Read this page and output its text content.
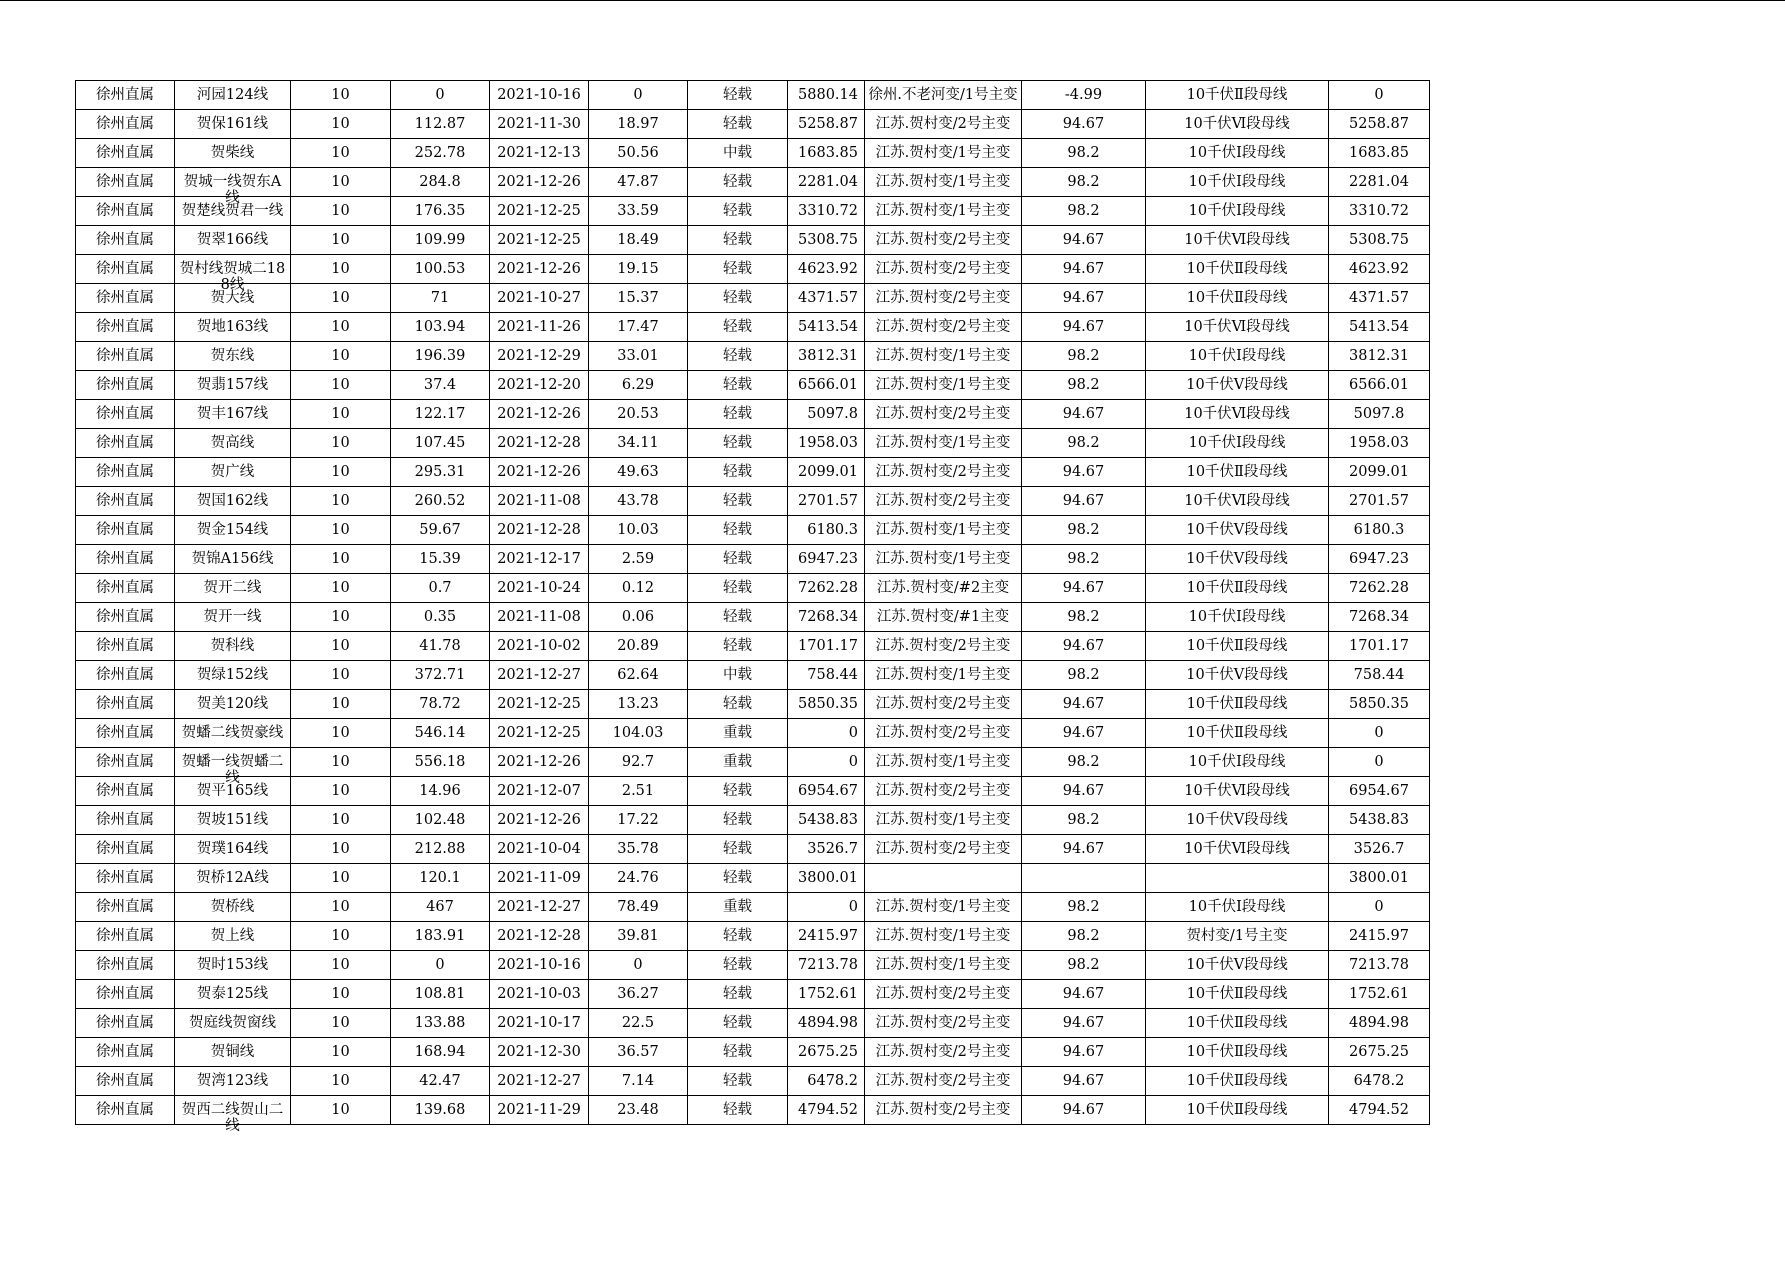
徐州直属	河园124线	10	0	2021-10-16	0	轻载	5880.14	徐州.不老河变/1号主变	-4.99	10千伏Ⅱ段母线	0

徐州直属	贺保161线	10	112.87	2021-11-30	18.97	轻载	5258.87	江苏.贺村变/2号主变	94.67	10千伏Ⅵ段母线	5258.87

徐州直属	贺柴线	10	252.78	2021-12-13	50.56	中载	1683.85	江苏.贺村变/1号主变	98.2	10千伏Ⅰ段母线	1683.85

徐州直属	贺城一线贺东A线	10	284.8	2021-12-26	47.87	轻载	2281.04	江苏.贺村变/1号主变	98.2	10千伏Ⅰ段母线	2281.04

徐州直属	贺楚线贺君一线	10	176.35	2021-12-25	33.59	轻载	3310.72	江苏.贺村变/1号主变	98.2	10千伏Ⅰ段母线	3310.72

徐州直属	贺翠166线	10	109.99	2021-12-25	18.49	轻载	5308.75	江苏.贺村变/2号主变	94.67	10千伏Ⅵ段母线	5308.75

徐州直属	贺村线贺城二188线	10	100.53	2021-12-26	19.15	轻载	4623.92	江苏.贺村变/2号主变	94.67	10千伏Ⅱ段母线	4623.92

徐州直属	贺大线	10	71	2021-10-27	15.37	轻载	4371.57	江苏.贺村变/2号主变	94.67	10千伏Ⅱ段母线	4371.57

徐州直属	贺地163线	10	103.94	2021-11-26	17.47	轻载	5413.54	江苏.贺村变/2号主变	94.67	10千伏Ⅵ段母线	5413.54

徐州直属	贺东线	10	196.39	2021-12-29	33.01	轻载	3812.31	江苏.贺村变/1号主变	98.2	10千伏Ⅰ段母线	3812.31

徐州直属	贺翡157线	10	37.4	2021-12-20	6.29	轻载	6566.01	江苏.贺村变/1号主变	98.2	10千伏Ⅴ段母线	6566.01

徐州直属	贺丰167线	10	122.17	2021-12-26	20.53	轻载	5097.8	江苏.贺村变/2号主变	94.67	10千伏Ⅵ段母线	5097.8

徐州直属	贺高线	10	107.45	2021-12-28	34.11	轻载	1958.03	江苏.贺村变/1号主变	98.2	10千伏Ⅰ段母线	1958.03

徐州直属	贺广线	10	295.31	2021-12-26	49.63	轻载	2099.01	江苏.贺村变/2号主变	94.67	10千伏Ⅱ段母线	2099.01

徐州直属	贺国162线	10	260.52	2021-11-08	43.78	轻载	2701.57	江苏.贺村变/2号主变	94.67	10千伏Ⅵ段母线	2701.57

徐州直属	贺金154线	10	59.67	2021-12-28	10.03	轻载	6180.3	江苏.贺村变/1号主变	98.2	10千伏Ⅴ段母线	6180.3

徐州直属	贺锦A156线	10	15.39	2021-12-17	2.59	轻载	6947.23	江苏.贺村变/1号主变	98.2	10千伏Ⅴ段母线	6947.23

徐州直属	贺开二线	10	0.7	2021-10-24	0.12	轻载	7262.28	江苏.贺村变/#2主变	94.67	10千伏Ⅱ段母线	7262.28

徐州直属	贺开一线	10	0.35	2021-11-08	0.06	轻载	7268.34	江苏.贺村变/#1主变	98.2	10千伏Ⅰ段母线	7268.34

徐州直属	贺科线	10	41.78	2021-10-02	20.89	轻载	1701.17	江苏.贺村变/2号主变	94.67	10千伏Ⅱ段母线	1701.17

徐州直属	贺绿152线	10	372.71	2021-12-27	62.64	中载	758.44	江苏.贺村变/1号主变	98.2	10千伏Ⅴ段母线	758.44

徐州直属	贺美120线	10	78.72	2021-12-25	13.23	轻载	5850.35	江苏.贺村变/2号主变	94.67	10千伏Ⅱ段母线	5850.35

徐州直属	贺蟠二线贺豪线	10	546.14	2021-12-25	104.03	重载	0	江苏.贺村变/2号主变	94.67	10千伏Ⅱ段母线	0

徐州直属	贺蟠一线贺蟠二线	10	556.18	2021-12-26	92.7	重载	0	江苏.贺村变/1号主变	98.2	10千伏Ⅰ段母线	0

徐州直属	贺平165线	10	14.96	2021-12-07	2.51	轻载	6954.67	江苏.贺村变/2号主变	94.67	10千伏Ⅵ段母线	6954.67

徐州直属	贺坡151线	10	102.48	2021-12-26	17.22	轻载	5438.83	江苏.贺村变/1号主变	98.2	10千伏Ⅴ段母线	5438.83

徐州直属	贺璞164线	10	212.88	2021-10-04	35.78	轻载	3526.7	江苏.贺村变/2号主变	94.67	10千伏Ⅵ段母线	3526.7

徐州直属	贺桥12A线	10	120.1	2021-11-09	24.76	轻载	3800.01				3800.01

徐州直属	贺桥线	10	467	2021-12-27	78.49	重载	0	江苏.贺村变/1号主变	98.2	10千伏Ⅰ段母线	0

徐州直属	贺上线	10	183.91	2021-12-28	39.81	轻载	2415.97	江苏.贺村变/1号主变	98.2	贺村变/1号主变	2415.97

徐州直属	贺时153线	10	0	2021-10-16	0	轻载	7213.78	江苏.贺村变/1号主变	98.2	10千伏Ⅴ段母线	7213.78

徐州直属	贺泰125线	10	108.81	2021-10-03	36.27	轻载	1752.61	江苏.贺村变/2号主变	94.67	10千伏Ⅱ段母线	1752.61

徐州直属	贺庭线贺窗线	10	133.88	2021-10-17	22.5	轻载	4894.98	江苏.贺村变/2号主变	94.67	10千伏Ⅱ段母线	4894.98

徐州直属	贺铜线	10	168.94	2021-12-30	36.57	轻载	2675.25	江苏.贺村变/2号主变	94.67	10千伏Ⅱ段母线	2675.25

徐州直属	贺湾123线	10	42.47	2021-12-27	7.14	轻载	6478.2	江苏.贺村变/2号主变	94.67	10千伏Ⅱ段母线	6478.2

徐州直属	贺西二线贺山二线	10	139.68	2021-11-29	23.48	轻载	4794.52	江苏.贺村变/2号主变	94.67	10千伏Ⅱ段母线	4794.52
